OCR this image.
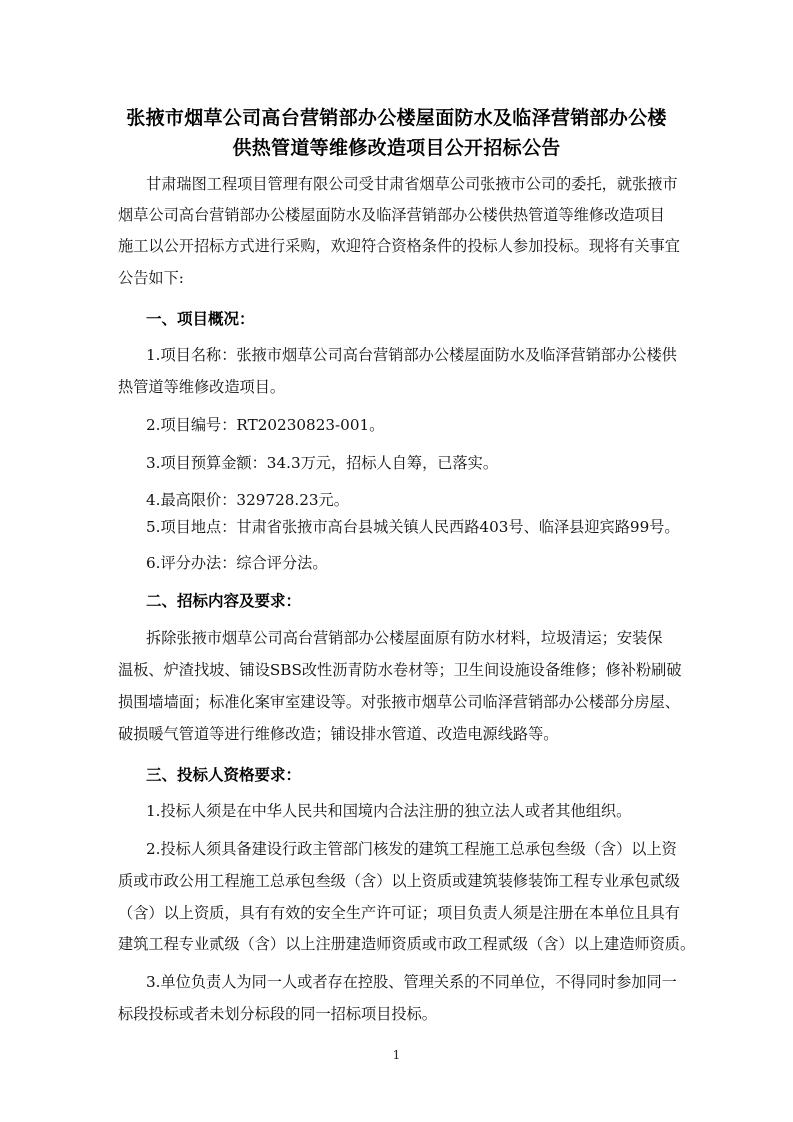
张掖市烟草公司高台营销部办公楼屋面防水及临泽营销部办公楼
供热管道等维修改造项目公开招标公告
甘肃瑞图工程项目管理有限公司受甘肃省烟草公司张掖市公司的委托，就张掖市
烟草公司高台营销部办公楼屋面防水及临泽营销部办公楼供热管道等维修改造项目
施工以公开招标方式进行采购，欢迎符合资格条件的投标人参加投标。现将有关事宜
公告如下:
一、项目概况：
1.项目名称：张掖市烟草公司高台营销部办公楼屋面防水及临泽营销部办公楼供
热管道等维修改造项目。
2.项目编号：RT20230823-001。
3.项目预算金额：34.3万元，招标人自筹，已落实。
4.最高限价：329728.23元。
5.项目地点：甘肃省张掖市高台县城关镇人民西路403号、临泽县迎宾路99号。
6.评分办法：综合评分法。
二、招标内容及要求：
拆除张掖市烟草公司高台营销部办公楼屋面原有防水材料，垃圾清运；安装保
温板、炉渣找坡、铺设SBS改性沥青防水卷材等；卫生间设施设备维修；修补粉刷破
损围墙墙面；标准化案审室建设等。对张掖市烟草公司临泽营销部办公楼部分房屋、
破损暖气管道等进行维修改造；铺设排水管道、改造电源线路等。
三、投标人资格要求：
1.投标人须是在中华人民共和国境内合法注册的独立法人或者其他组织。
2.投标人须具备建设行政主管部门核发的建筑工程施工总承包叁级（含）以上资
质或市政公用工程施工总承包叁级（含）以上资质或建筑装修装饰工程专业承包贰级
（含）以上资质，具有有效的安全生产许可证；项目负责人须是注册在本单位且具有
建筑工程专业贰级（含）以上注册建造师资质或市政工程贰级（含）以上建造师资质。
3.单位负责人为同一人或者存在控股、管理关系的不同单位，不得同时参加同一
标段投标或者未划分标段的同一招标项目投标。
1
